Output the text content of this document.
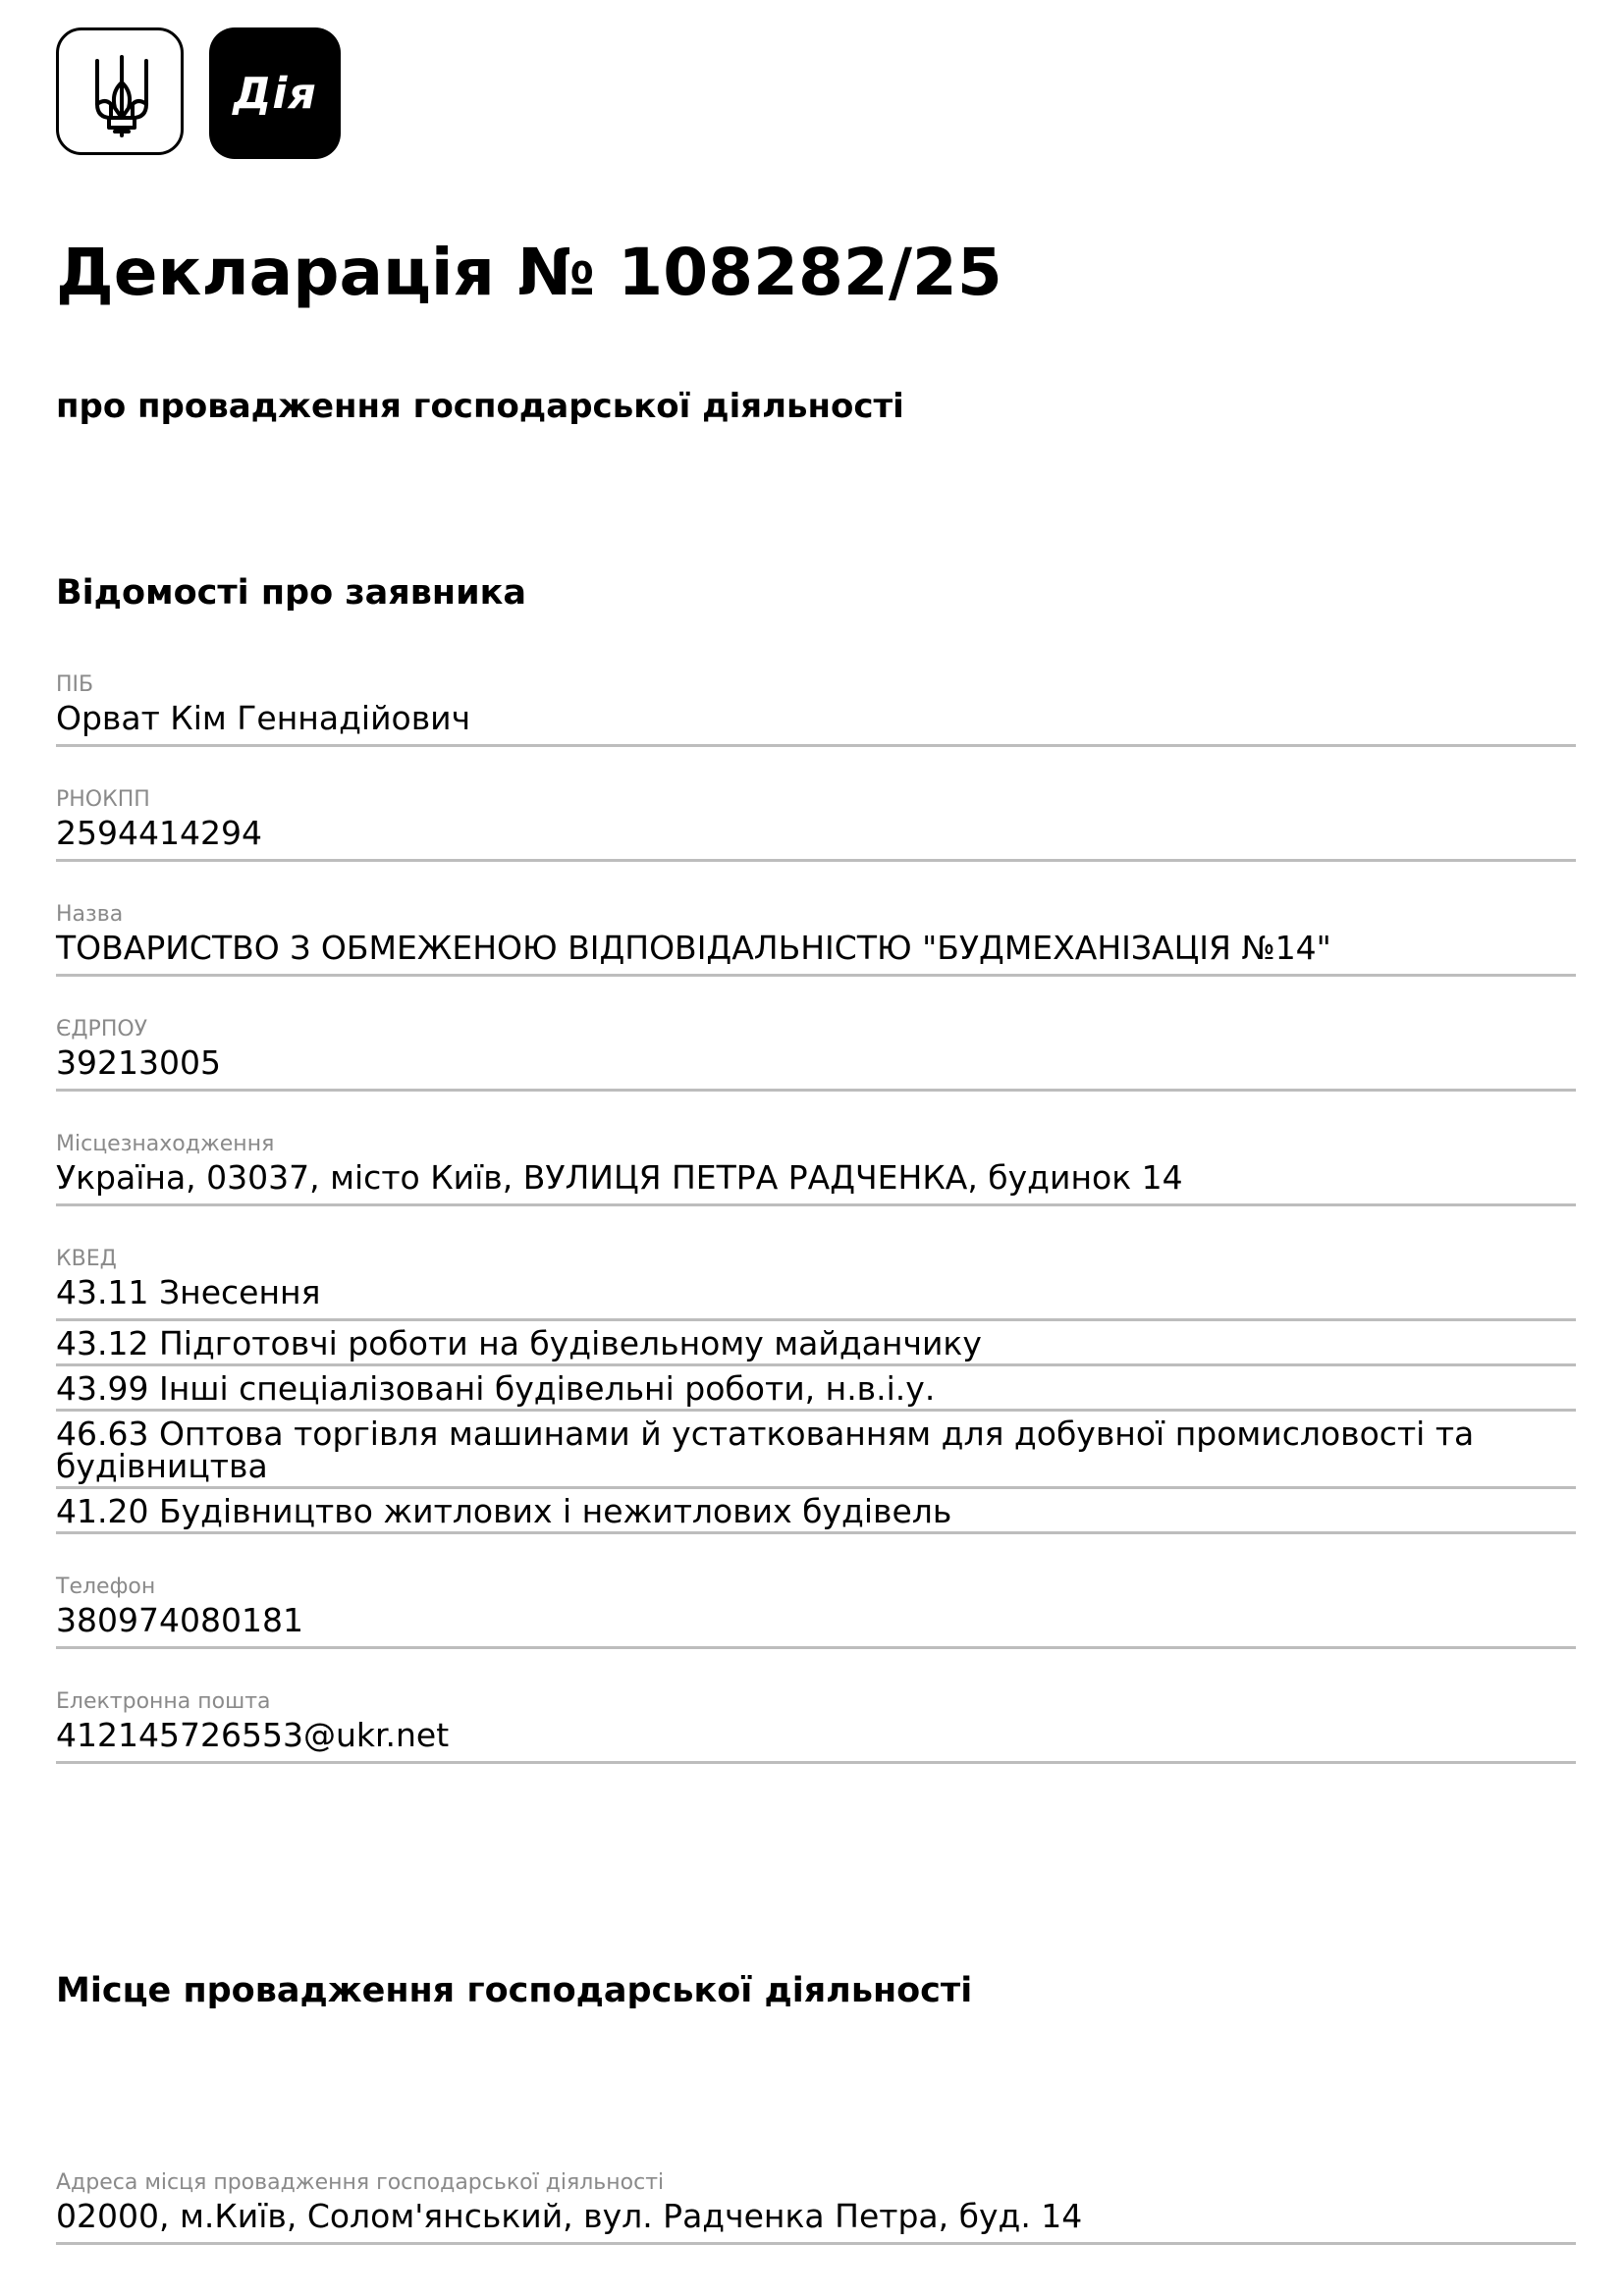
Дія
Декларація № 108282/25

про провадження господарської діяльності

Відомості про заявника
ПІБ
Орват Кім Геннадійович
РНОКПП
2594414294
Назва
ТОВАРИСТВО З ОБМЕЖЕНОЮ ВІДПОВІДАЛЬНІСТЮ "БУДМЕХАНІЗАЦІЯ №14"
ЄДРПОУ
39213005
Місцезнаходження
Україна, 03037, місто Київ, ВУЛИЦЯ ПЕТРА РАДЧЕНКА, будинок 14
КВЕД
43.11 Знесення
43.12 Підготовчі роботи на будівельному майданчику
43.99 Інші спеціалізовані будівельні роботи, н.в.і.у.
46.63 Оптова торгівля машинами й устаткованням для добувної промисловості та будівництва
41.20 Будівництво житлових і нежитлових будівель
Телефон
380974080181
Електронна пошта
412145726553@ukr.net
Місце провадження господарської діяльності
Адреса місця провадження господарської діяльності
02000, м.Київ, Солом'янський, вул. Радченка Петра, буд. 14
